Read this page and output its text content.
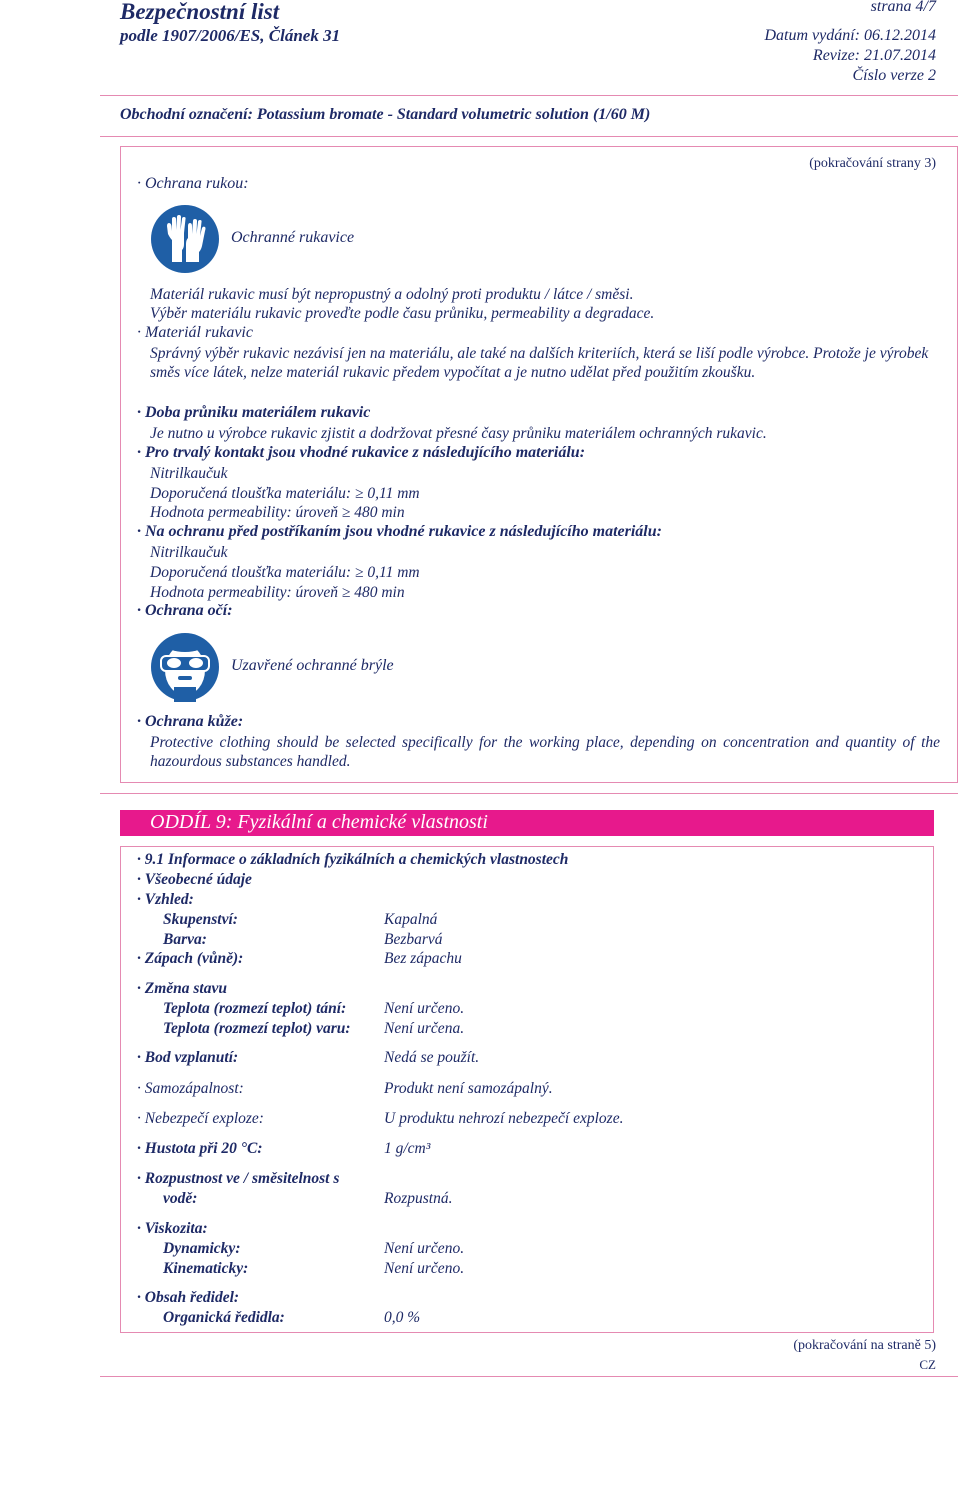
Bezpečnostní list
podle 1907/2006/ES, Článek 31
strana 4/7
Datum vydání: 06.12.2014
Revize: 21.07.2014
Číslo verze 2
Obchodní označení: Potassium bromate - Standard volumetric solution (1/60 M)
(pokračování strany 3)
· Ochrana rukou:
Ochranné rukavice
Materiál rukavic musí být nepropustný a odolný proti produktu / látce / směsi.
Výběr materiálu rukavic proveďte podle času průniku, permeability a degradace.
· Materiál rukavic
Správný výběr rukavic nezávisí jen na materiálu, ale také na dalších kriteriích, která se liší podle výrobce. Protože je výrobek směs více látek, nelze materiál rukavic předem vypočítat a je nutno udělat před použitím zkoušku.
· Doba průniku materiálem rukavic
Je nutno u výrobce rukavic zjistit a dodržovat přesné časy průniku materiálem ochranných rukavic.
· Pro trvalý kontakt jsou vhodné rukavice z následujícího materiálu:
Nitrilkaučuk
Doporučená tloušťka materiálu: ≥ 0,11 mm
Hodnota permeability: úroveň ≥ 480 min
· Na ochranu před postříkaním jsou vhodné rukavice z následujícího materiálu:
Nitrilkaučuk
Doporučená tloušťka materiálu: ≥ 0,11 mm
Hodnota permeability: úroveň ≥ 480 min
· Ochrana očí:
Uzavřené ochranné brýle
· Ochrana kůže:
Protective clothing should be selected specifically for the working place, depending on concentration and quantity of the hazourdous substances handled.
ODDÍL 9: Fyzikální a chemické vlastnosti
· 9.1 Informace o základních fyzikálních a chemických vlastnostech
· Všeobecné údaje
· Vzhled:
Skupenství:	Kapalná
Barva:	Bezbarvá
· Zápach (vůně):	Bez zápachu
· Změna stavu
Teplota (rozmezí teplot) tání: Není určeno.
Teplota (rozmezí teplot) varu: Není určena.
· Bod vzplanutí:	Nedá se použít.
· Samozápalnost:	Produkt není samozápalný.
· Nebezpečí exploze:	U produktu nehrozí nebezpečí exploze.
· Hustota při 20 °C:	1 g/cm³
· Rozpustnost ve / směsitelnost s
vodě:	Rozpustná.
· Viskozita:
Dynamicky:	Není určeno.
Kinematicky:	Není určeno.
· Obsah ředidel:
Organická ředidla:	0,0 %
(pokračování na straně 5)
CZ
